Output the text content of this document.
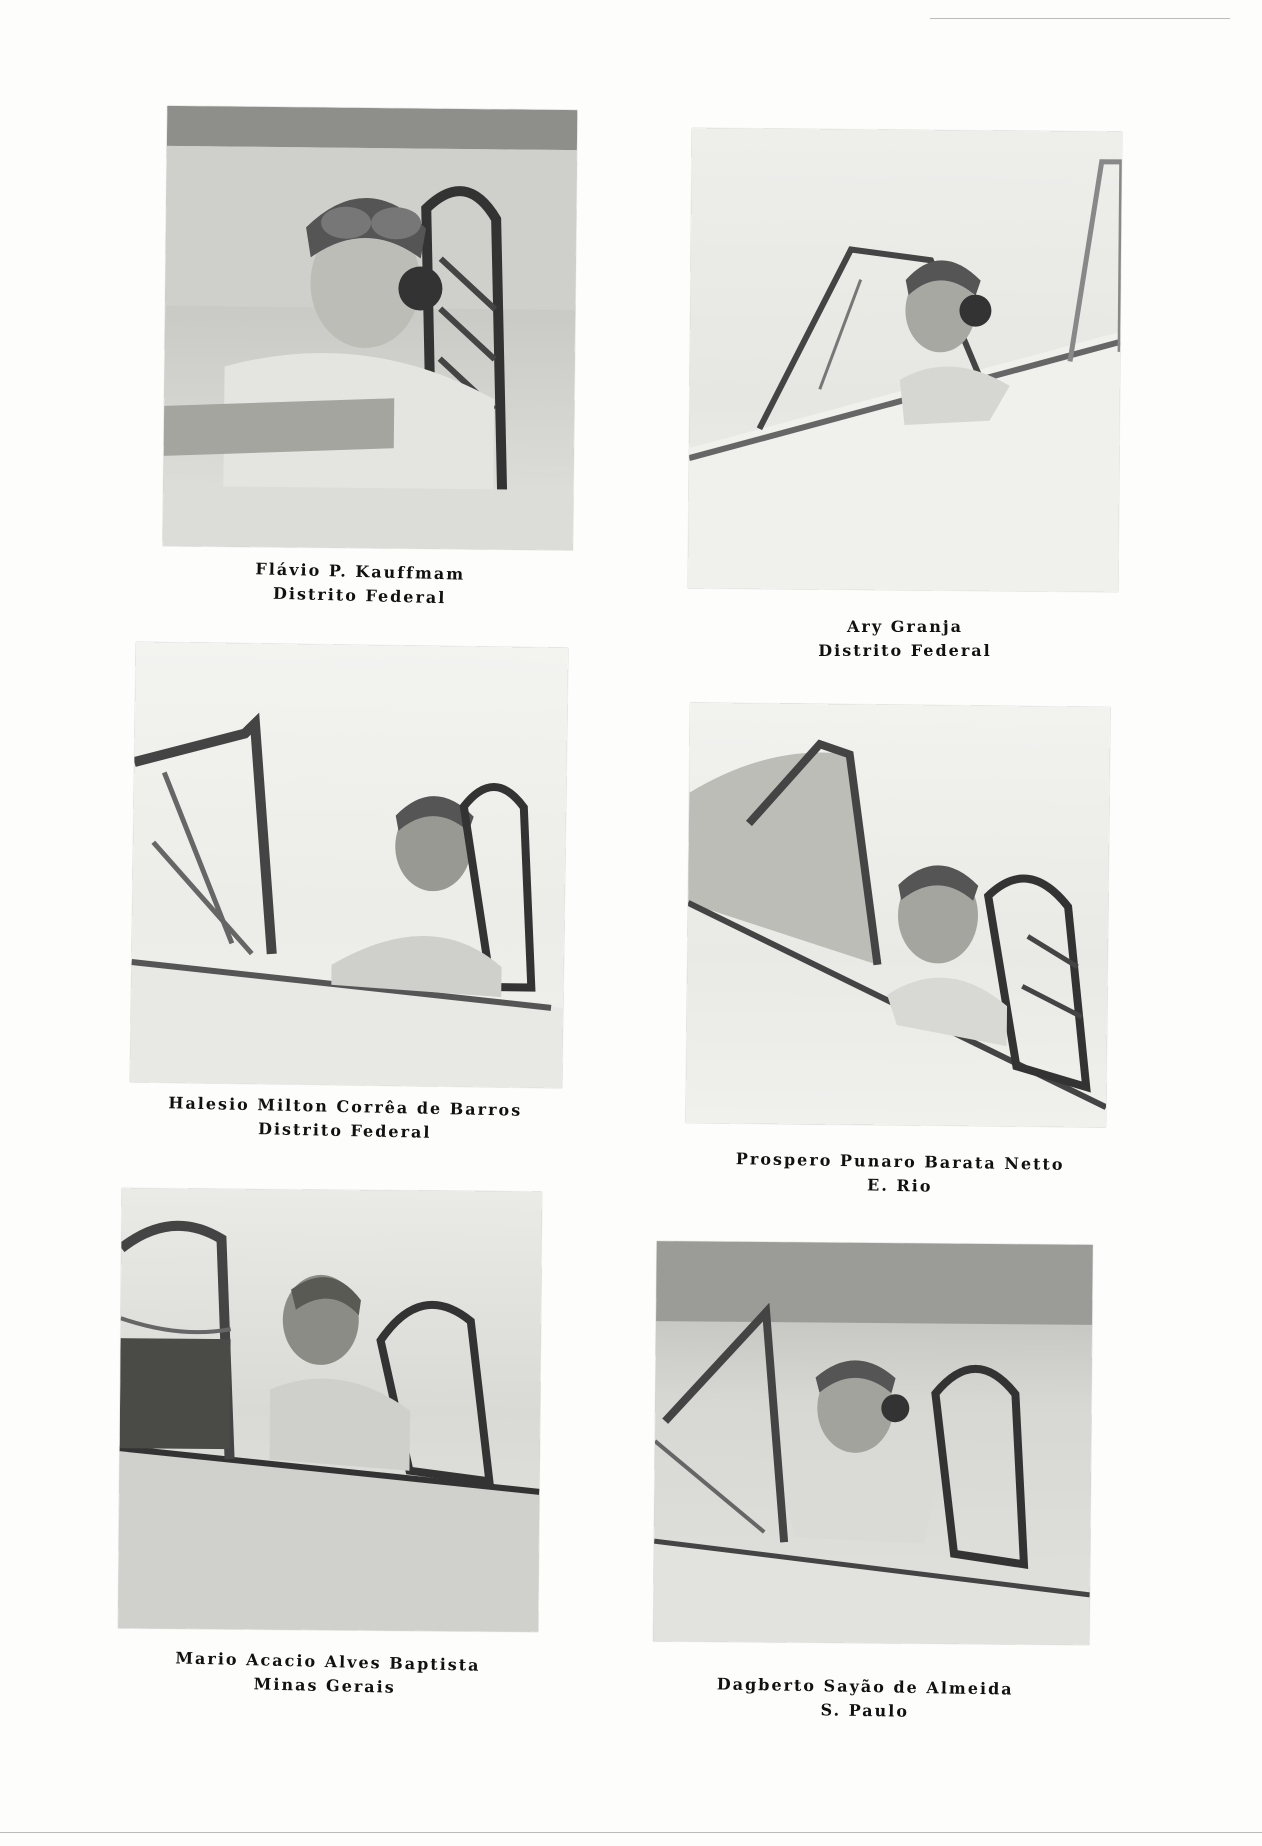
Flávio P. Kauffmam
Distrito Federal
Ary Granja
Distrito Federal
Halesio Milton Corrêa de Barros
Distrito Federal
Prospero Punaro Barata Netto
E. Rio
Mario Acacio Alves Baptista
Minas Gerais	Dagberto Sayão de Almeida
S. Paulo
